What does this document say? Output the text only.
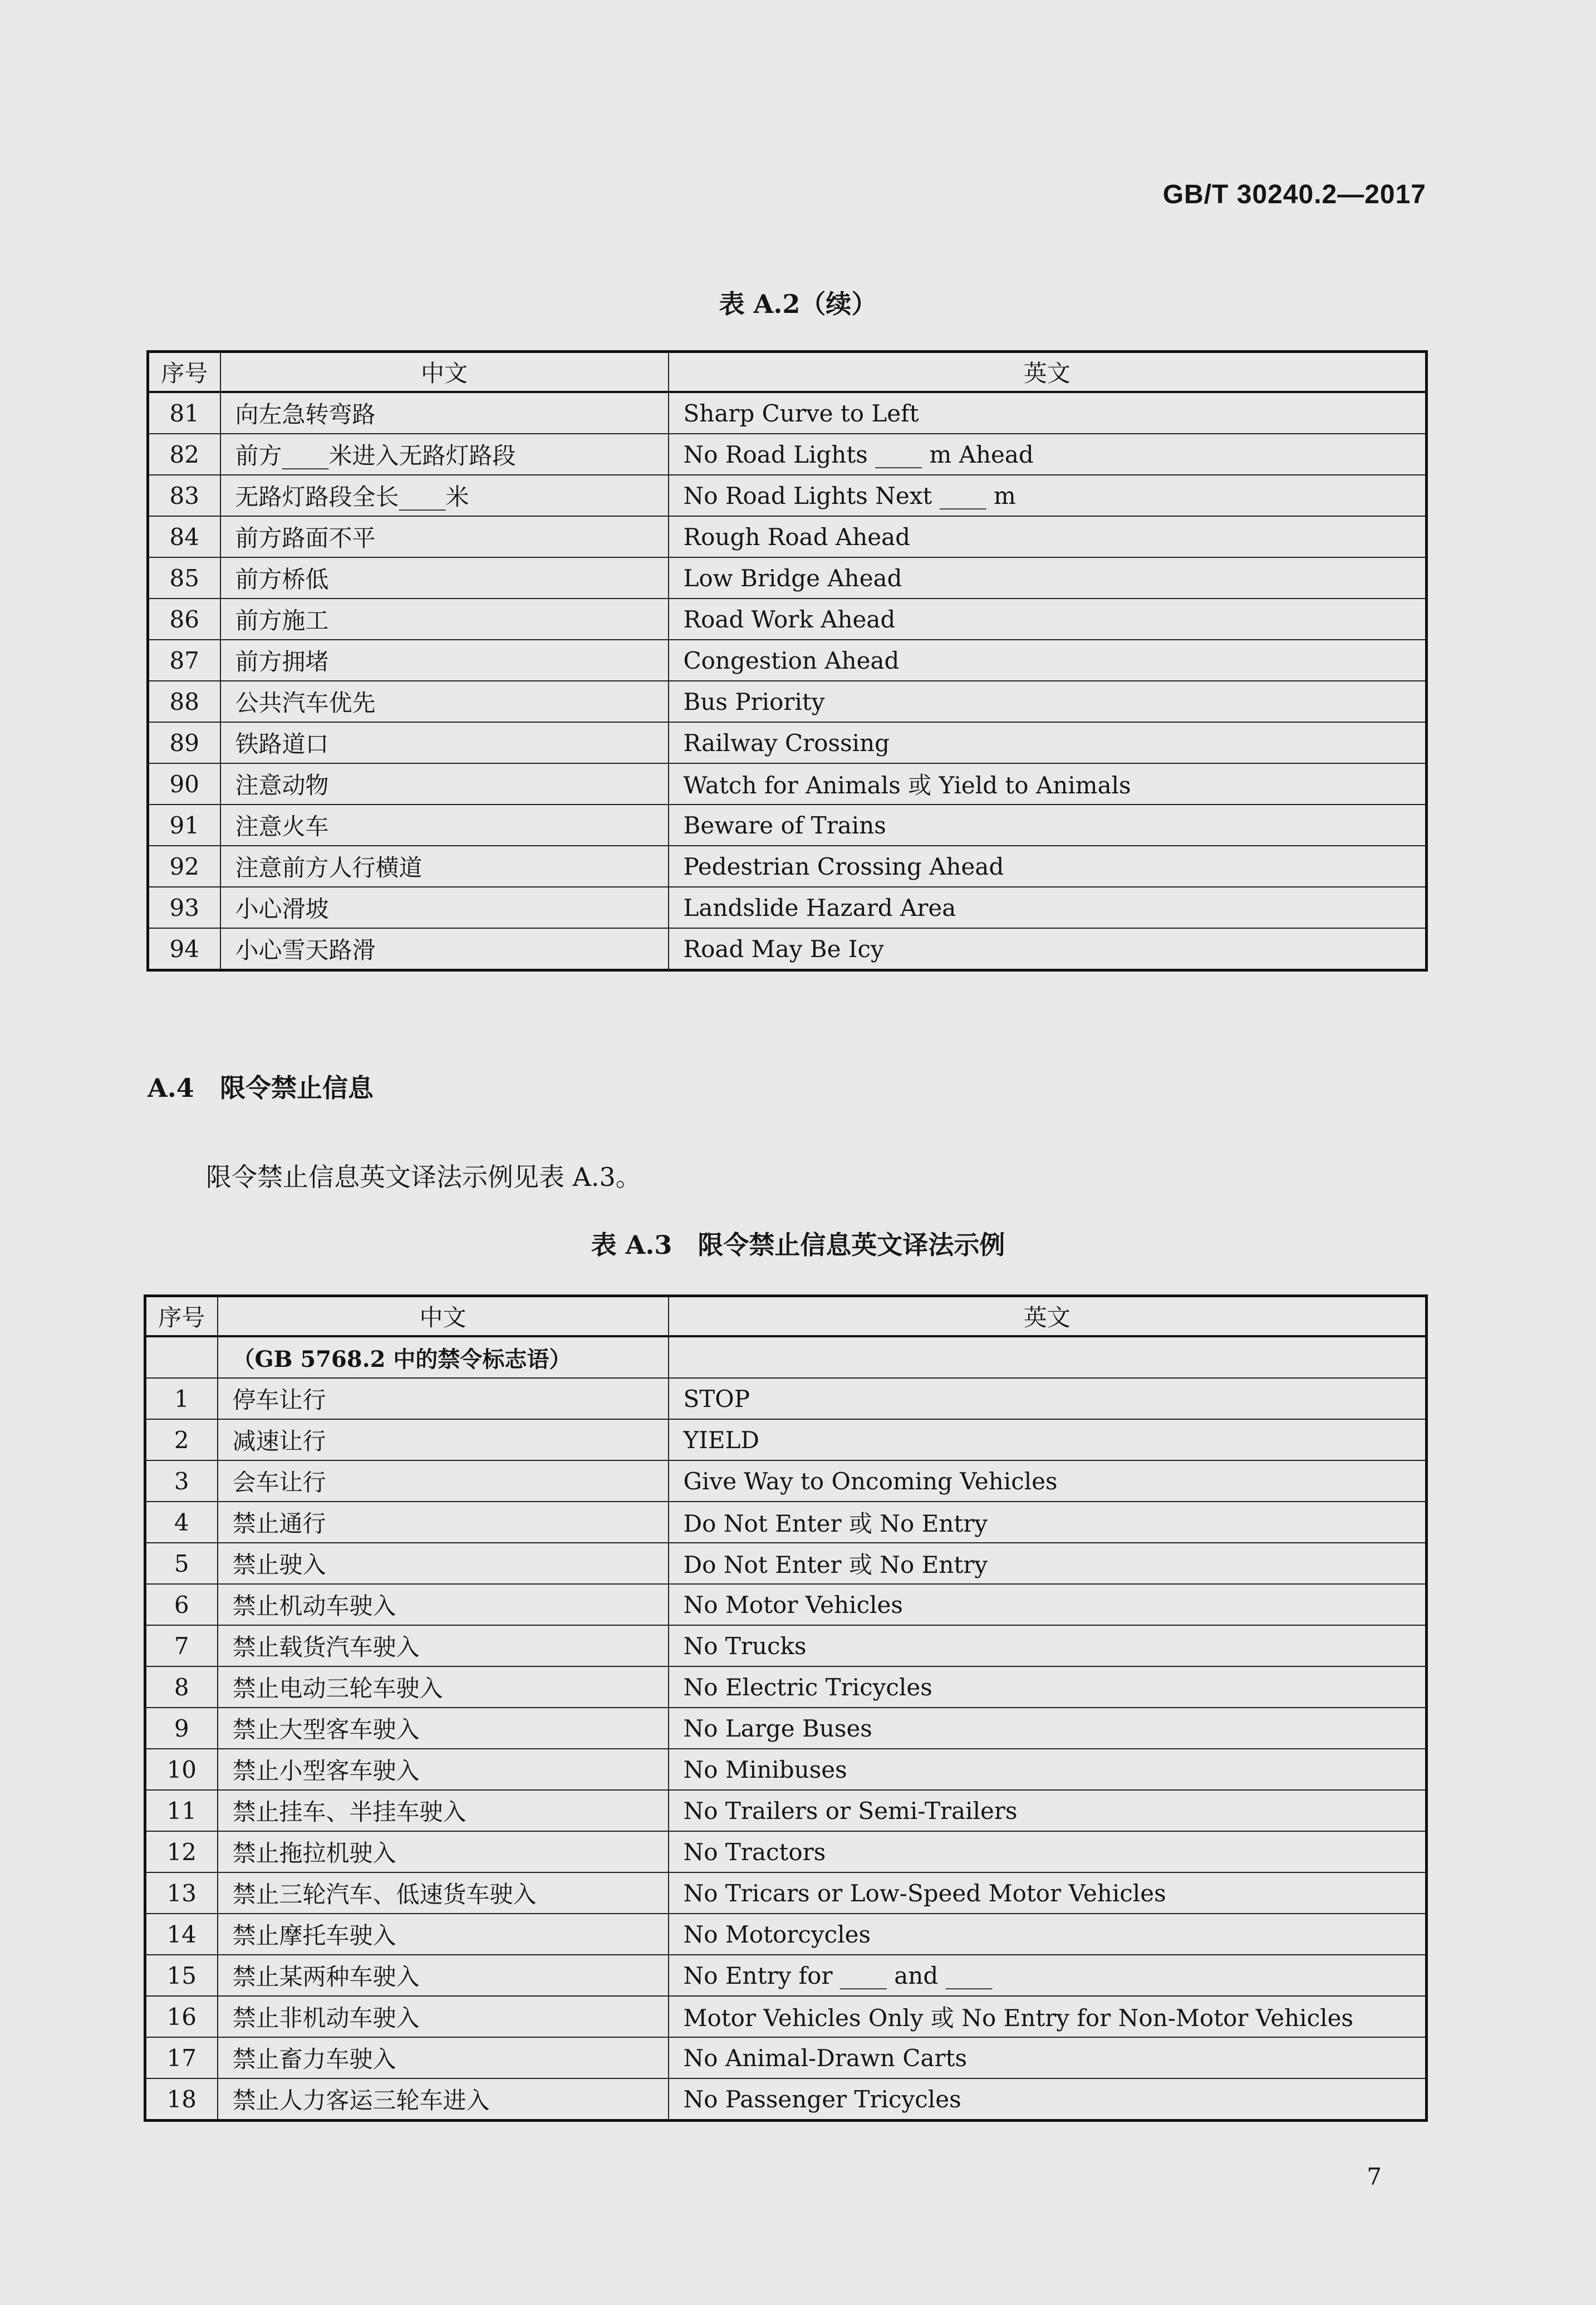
GB/T 30240.2—2017
表 A.2（续）
序号	中文	英文
81	向左急转弯路	Sharp Curve to Left
82	前方____米进入无路灯路段	No Road Lights ____ m Ahead
83	无路灯路段全长____米	No Road Lights Next ____ m
84	前方路面不平	Rough Road Ahead
85	前方桥低	Low Bridge Ahead
86	前方施工	Road Work Ahead
87	前方拥堵	Congestion Ahead
88	公共汽车优先	Bus Priority
89	铁路道口	Railway Crossing
90	注意动物	Watch for Animals 或 Yield to Animals
91	注意火车	Beware of Trains
92	注意前方人行横道	Pedestrian Crossing Ahead
93	小心滑坡	Landslide Hazard Area
94	小心雪天路滑	Road May Be Icy
A.4 限令禁止信息
限令禁止信息英文译法示例见表 A.3。
表 A.3　限令禁止信息英文译法示例
序号	中文	英文
	（GB 5768.2 中的禁令标志语）	
1	停车让行	STOP
2	减速让行	YIELD
3	会车让行	Give Way to Oncoming Vehicles
4	禁止通行	Do Not Enter 或 No Entry
5	禁止驶入	Do Not Enter 或 No Entry
6	禁止机动车驶入	No Motor Vehicles
7	禁止载货汽车驶入	No Trucks
8	禁止电动三轮车驶入	No Electric Tricycles
9	禁止大型客车驶入	No Large Buses
10	禁止小型客车驶入	No Minibuses
11	禁止挂车、半挂车驶入	No Trailers or Semi-Trailers
12	禁止拖拉机驶入	No Tractors
13	禁止三轮汽车、低速货车驶入	No Tricars or Low-Speed Motor Vehicles
14	禁止摩托车驶入	No Motorcycles
15	禁止某两种车驶入	No Entry for ____ and ____
16	禁止非机动车驶入	Motor Vehicles Only 或 No Entry for Non-Motor Vehicles
17	禁止畜力车驶入	No Animal-Drawn Carts
18	禁止人力客运三轮车进入	No Passenger Tricycles
7
